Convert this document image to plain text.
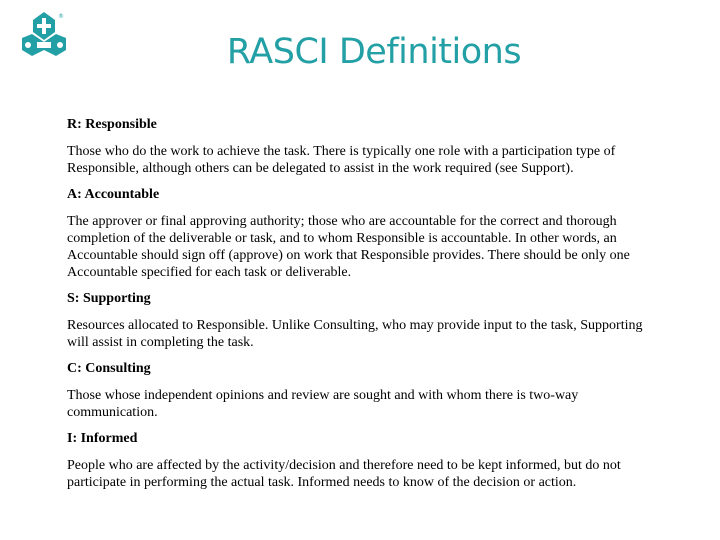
®
RASCI Definitions
R: Responsible
Those who do the work to achieve the task. There is typically one role with a participation type of
Responsible, although others can be delegated to assist in the work required (see Support).
A: Accountable
The approver or final approving authority; those who are accountable for the correct and thorough
completion of the deliverable or task, and to whom Responsible is accountable. In other words, an
Accountable should sign off (approve) on work that Responsible provides. There should be only one
Accountable specified for each task or deliverable.
S: Supporting
Resources allocated to Responsible. Unlike Consulting, who may provide input to the task, Supporting
will assist in completing the task.
C: Consulting
Those whose independent opinions and review are sought and with whom there is two-way
communication.
I: Informed
People who are affected by the activity/decision and therefore need to be kept informed, but do not
participate in performing the actual task. Informed needs to know of the decision or action.
